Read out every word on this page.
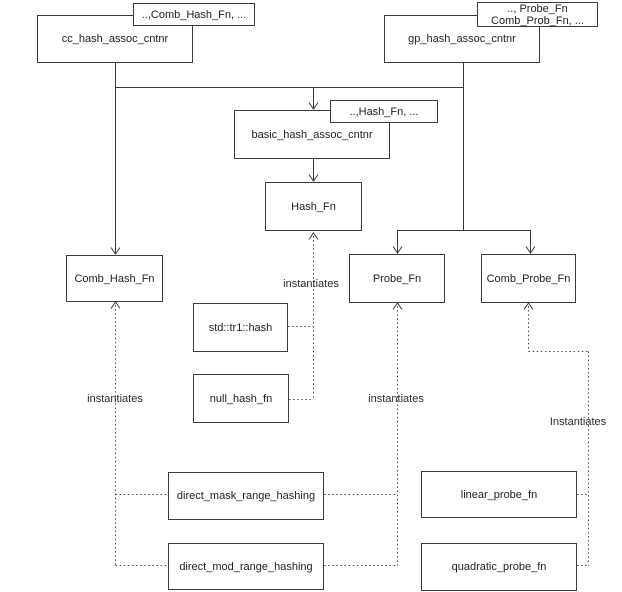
cc_hash_assoc_cntnr	gp_hash_assoc_cntnr
basic_hash_assoc_cntnr
Hash_Fn
Comb_Hash_Fn	Probe_Fn	Comb_Probe_Fn
std::tr1::hash
null_hash_fn
direct_mask_range_hashing
direct_mod_range_hashing
linear_probe_fn
quadratic_probe_fn
..,Comb_Hash_Fn, ...	.., Probe_Fn
Comb_Prob_Fn, ...
..,Hash_Fn, ...
instantiates
instantiates
instantiates
Instantiates
